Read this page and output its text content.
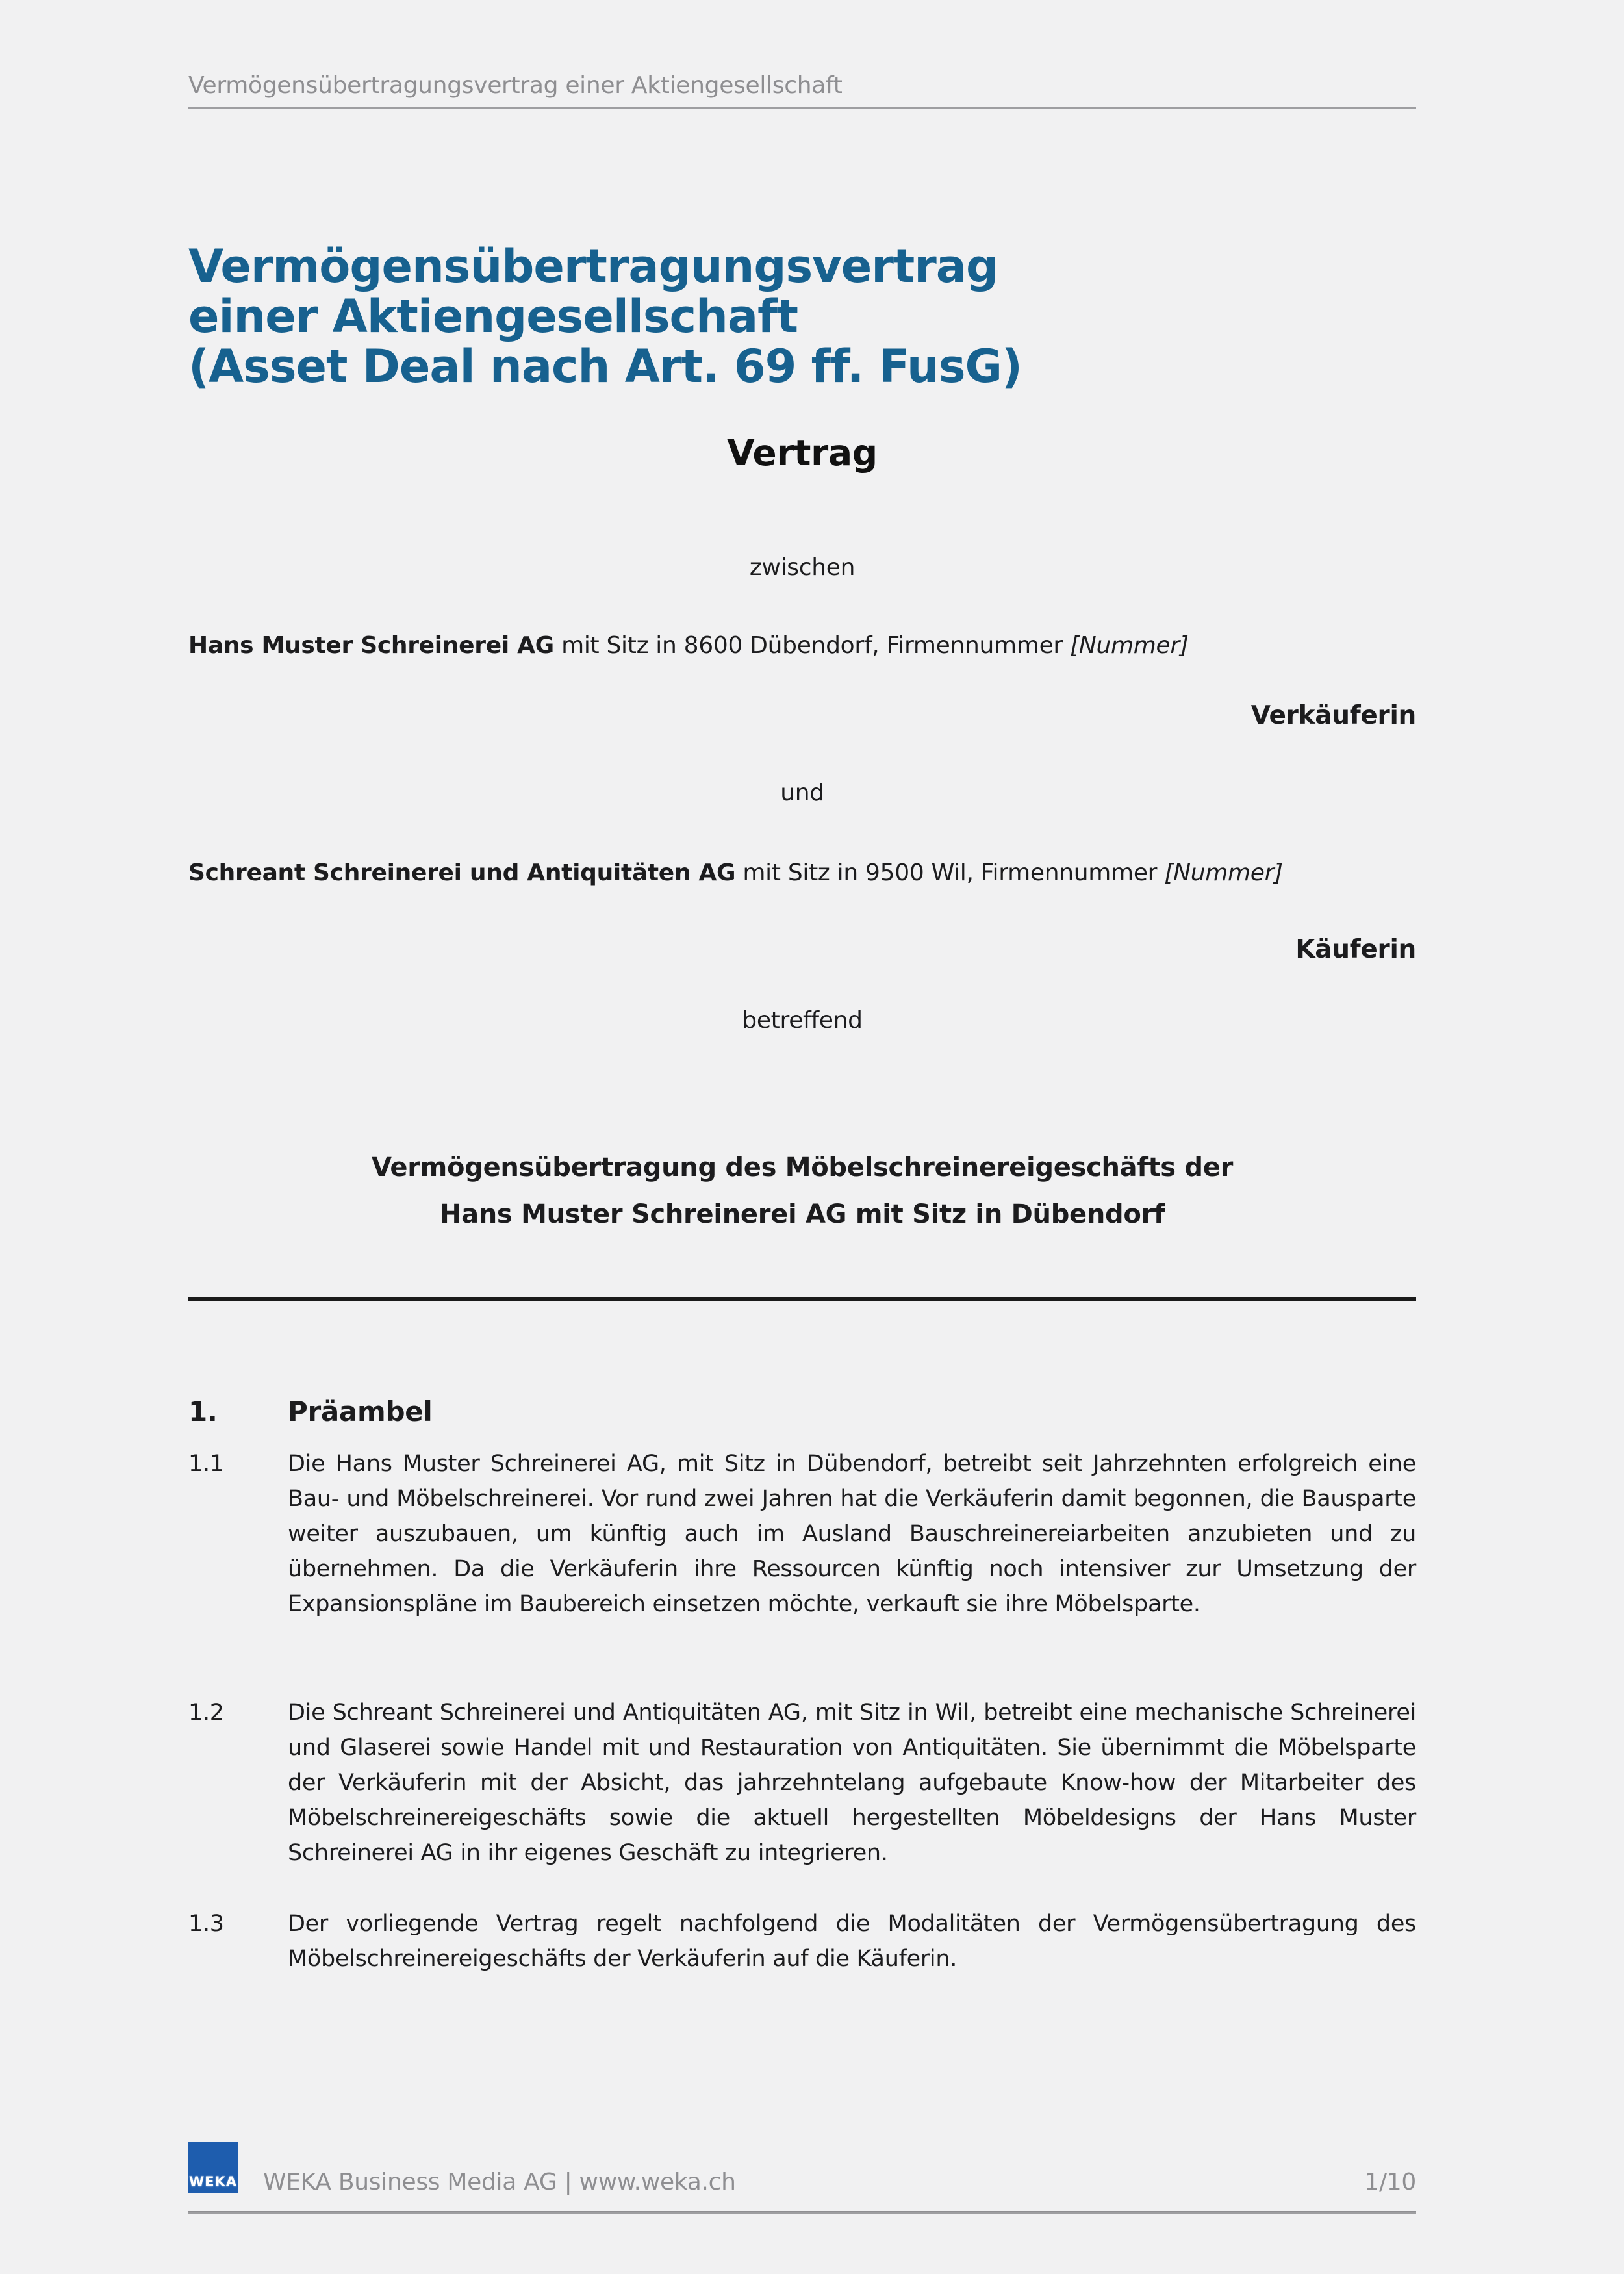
Vermögensübertragungsvertrag einer Aktiengesellschaft
Vermögensübertragungsvertrag
einer Aktiengesellschaft
(Asset Deal nach Art. 69 ff. FusG)
Vertrag
zwischen
Hans Muster Schreinerei AG mit Sitz in 8600 Dübendorf, Firmennummer [Nummer]
Verkäuferin
und
Schreant Schreinerei und Antiquitäten AG mit Sitz in 9500 Wil, Firmennummer [Nummer]
Käuferin
betreffend
Vermögensübertragung des Möbelschreinereigeschäfts der
Hans Muster Schreinerei AG mit Sitz in Dübendorf
1.	Präambel
1.1	Die Hans Muster Schreinerei AG, mit Sitz in Dübendorf, betreibt seit Jahrzehnten erfolgreich eine Bau- und Möbelschreinerei. Vor rund zwei Jahren hat die Verkäuferin damit begonnen, die Bausparte weiter auszubauen, um künftig auch im Ausland Bauschreinereiarbeiten anzubieten und zu übernehmen. Da die Verkäuferin ihre Ressourcen künftig noch intensiver zur Umsetzung der Expansionspläne im Baubereich einsetzen möchte, verkauft sie ihre Möbelsparte.
1.2	Die Schreant Schreinerei und Antiquitäten AG, mit Sitz in Wil, betreibt eine mechanische Schreinerei und Glaserei sowie Handel mit und Restauration von Antiquitäten. Sie übernimmt die Möbelsparte der Verkäuferin mit der Absicht, das jahrzehntelang aufgebaute Know-how der Mitarbeiter des Möbelschreinereigeschäfts sowie die aktuell hergestellten Möbeldesigns der Hans Muster Schreinerei AG in ihr eigenes Geschäft zu integrieren.
1.3	Der vorliegende Vertrag regelt nachfolgend die Modalitäten der Vermögensübertragung des Möbelschreinereigeschäfts der Verkäuferin auf die Käuferin.
WEKA WEKA Business Media AG | www.weka.ch	1/10
